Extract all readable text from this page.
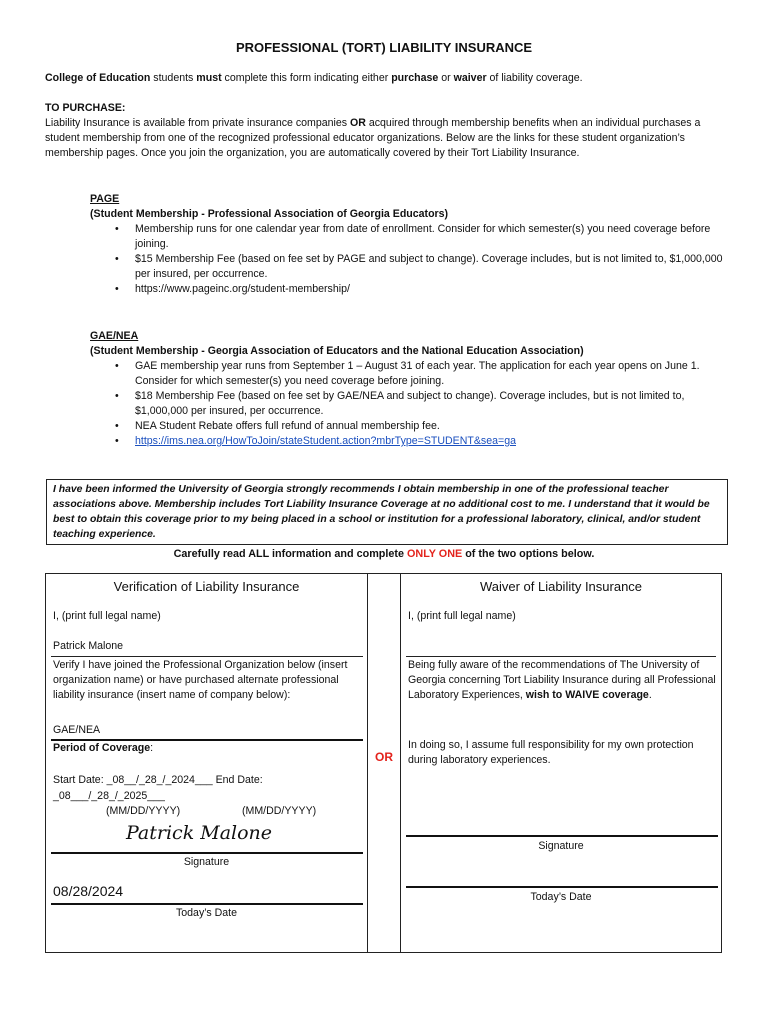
PROFESSIONAL (TORT) LIABILITY INSURANCE
College of Education students must complete this form indicating either purchase or waiver of liability coverage.
TO PURCHASE:
Liability Insurance is available from private insurance companies OR acquired through membership benefits when an individual purchases a student membership from one of the recognized professional educator organizations. Below are the links for these student organization’s membership pages. Once you join the organization, you are automatically covered by their Tort Liability Insurance.
PAGE
(Student Membership - Professional Association of Georgia Educators)
• Membership runs for one calendar year from date of enrollment. Consider for which semester(s) you need coverage before joining.
• $15 Membership Fee (based on fee set by PAGE and subject to change). Coverage includes, but is not limited to, $1,000,000 per insured, per occurrence.
• https://www.pageinc.org/student-membership/
GAE/NEA
(Student Membership - Georgia Association of Educators and the National Education Association)
• GAE membership year runs from September 1 – August 31 of each year. The application for each year opens on June 1. Consider for which semester(s) you need coverage before joining.
• $18 Membership Fee (based on fee set by GAE/NEA and subject to change). Coverage includes, but is not limited to, $1,000,000 per insured, per occurrence.
• NEA Student Rebate offers full refund of annual membership fee.
• https://ims.nea.org/HowToJoin/stateStudent.action?mbrType=STUDENT&sea=ga
I have been informed the University of Georgia strongly recommends I obtain membership in one of the professional teacher associations above. Membership includes Tort Liability Insurance Coverage at no additional cost to me. I understand that it would be best to obtain this coverage prior to my being placed in a school or institution for a professional laboratory, clinical, and/or student teaching experience.
Carefully read ALL information and complete ONLY ONE of the two options below.
Verification of Liability Insurance
I, (print full legal name)
Patrick Malone
Verify I have joined the Professional Organization below (insert organization name) or have purchased alternate professional liability insurance (insert name of company below):
GAE/NEA
Period of Coverage:
Start Date: _08__/_28_/_2024___ End Date:
_08___/_28_/_2025___
(MM/DD/YYYY)	(MM/DD/YYYY)
Patrick Malone
Signature
08/28/2024
Today’s Date
OR
Waiver of Liability Insurance
I, (print full legal name)
Being fully aware of the recommendations of The University of Georgia concerning Tort Liability Insurance during all Professional Laboratory Experiences, wish to WAIVE coverage.
In doing so, I assume full responsibility for my own protection during laboratory experiences.
Signature
Today’s Date
